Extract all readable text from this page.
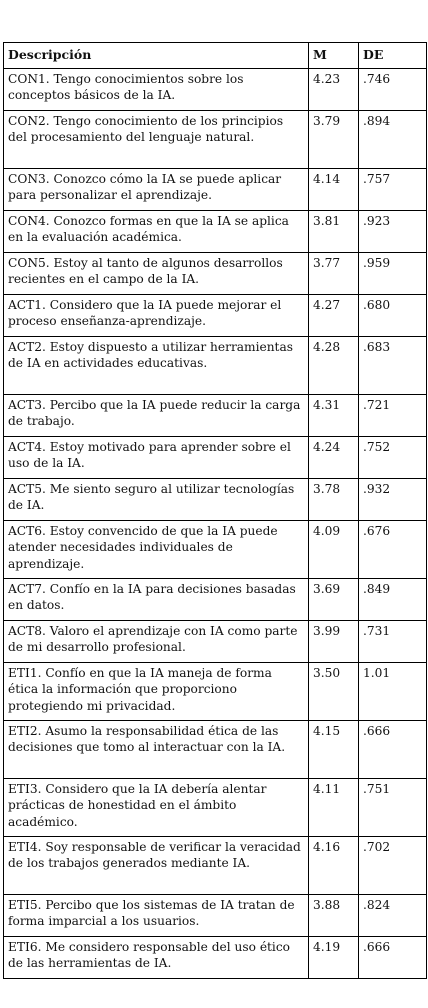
Descripción	M	DE
CON1. Tengo conocimientos sobre los conceptos básicos de la IA.	4.23	.746
CON2. Tengo conocimiento de los principios del procesamiento del lenguaje natural.	3.79	.894
CON3. Conozco cómo la IA se puede aplicar para personalizar el aprendizaje.	4.14	.757
CON4. Conozco formas en que la IA se aplica en la evaluación académica.	3.81	.923
CON5. Estoy al tanto de algunos desarrollos recientes en el campo de la IA.	3.77	.959
ACT1. Considero que la IA puede mejorar el proceso enseñanza-aprendizaje.	4.27	.680
ACT2. Estoy dispuesto a utilizar herramientas de IA en actividades educativas.	4.28	.683
ACT3. Percibo que la IA puede reducir la carga de trabajo.	4.31	.721
ACT4. Estoy motivado para aprender sobre el uso de la IA.	4.24	.752
ACT5. Me siento seguro al utilizar tecnologías de IA.	3.78	.932
ACT6. Estoy convencido de que la IA puede atender necesidades individuales de aprendizaje.	4.09	.676
ACT7. Confío en la IA para decisiones basadas en datos.	3.69	.849
ACT8. Valoro el aprendizaje con IA como parte de mi desarrollo profesional.	3.99	.731
ETI1. Confío en que la IA maneja de forma ética la información que proporciono protegiendo mi privacidad.	3.50	1.01
ETI2. Asumo la responsabilidad ética de las decisiones que tomo al interactuar con la IA.	4.15	.666
ETI3. Considero que la IA debería alentar prácticas de honestidad en el ámbito académico.	4.11	.751
ETI4. Soy responsable de verificar la veracidad de los trabajos generados mediante IA.	4.16	.702
ETI5. Percibo que los sistemas de IA tratan de forma imparcial a los usuarios.	3.88	.824
ETI6. Me considero responsable del uso ético de las herramientas de IA.	4.19	.666
